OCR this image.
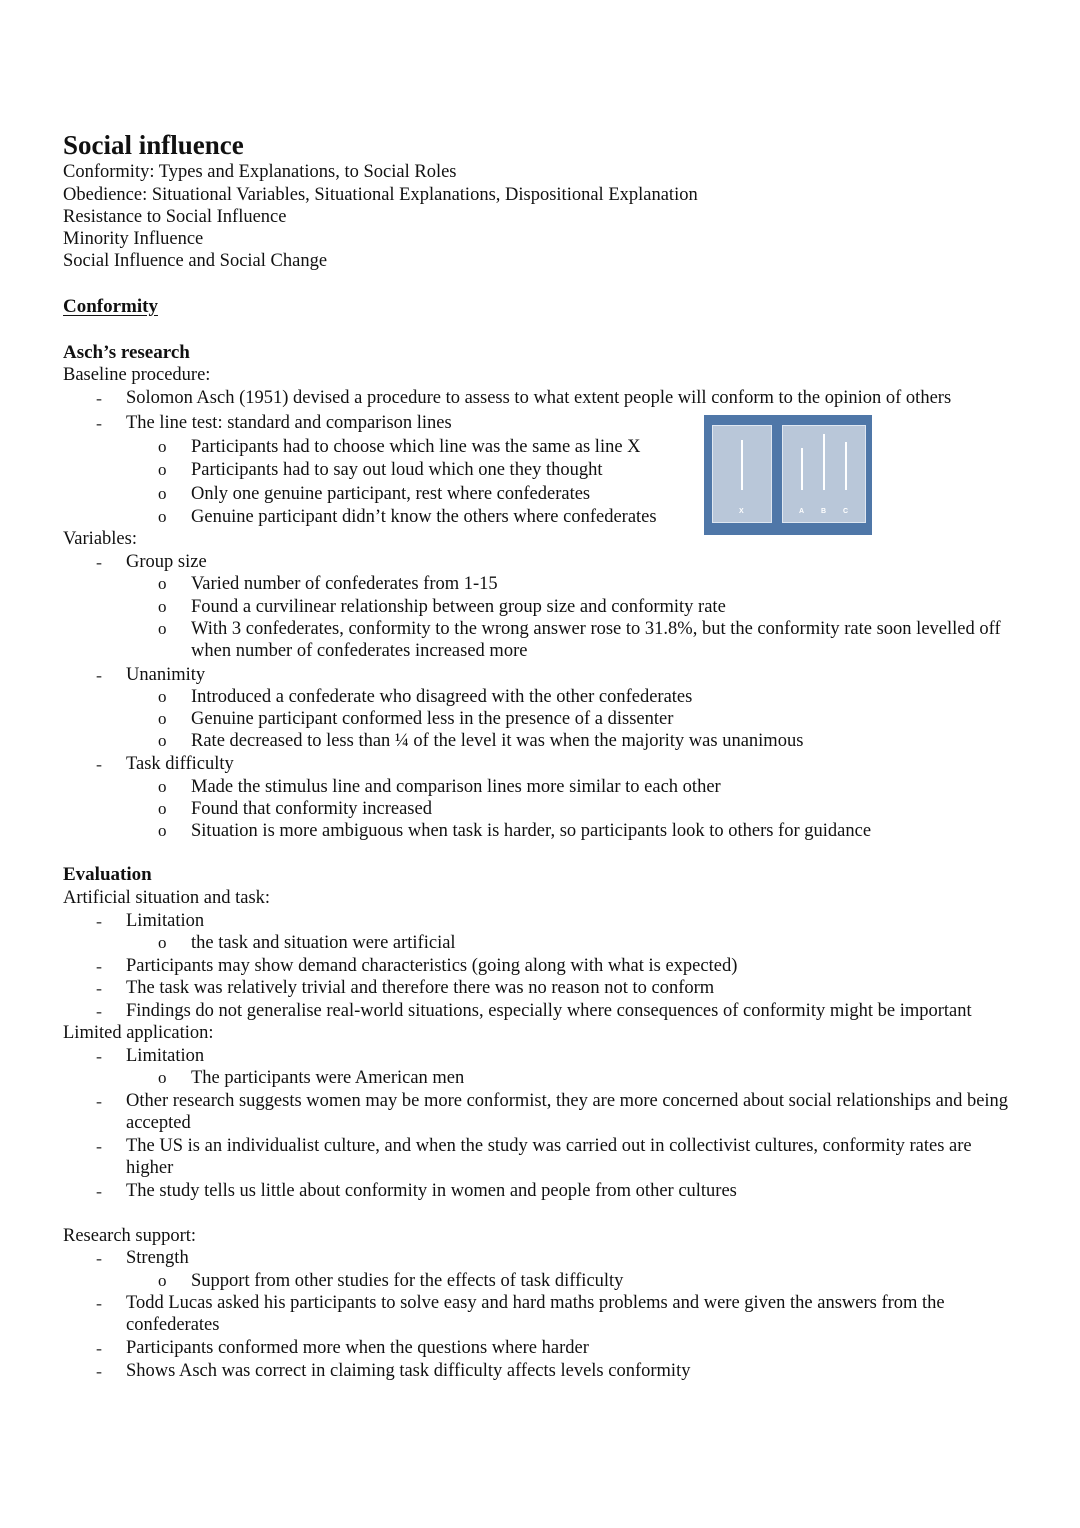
Social influence
Conformity: Types and Explanations, to Social Roles
Obedience: Situational Variables, Situational Explanations, Dispositional Explanation
Resistance to Social Influence
Minority Influence
Social Influence and Social Change
Conformity
Asch’s research
Baseline procedure:
-	Solomon Asch (1951) devised a procedure to assess to what extent people will conform to the opinion of others
-	The line test: standard and comparison lines
o	Participants had to choose which line was the same as line X
o	Participants had to say out loud which one they thought
o	Only one genuine participant, rest where confederates
o	Genuine participant didn’t know the others where confederates	X	A B C
Variables:
-	Group size
o	Varied number of confederates from 1-15
o	Found a curvilinear relationship between group size and conformity rate
o	With 3 confederates, conformity to the wrong answer rose to 31.8%, but the conformity rate soon levelled off when number of confederates increased more
-	Unanimity
o	Introduced a confederate who disagreed with the other confederates
o	Genuine participant conformed less in the presence of a dissenter
o	Rate decreased to less than ¼ of the level it was when the majority was unanimous
-	Task difficulty
o	Made the stimulus line and comparison lines more similar to each other
o	Found that conformity increased
o	Situation is more ambiguous when task is harder, so participants look to others for guidance
Evaluation
Artificial situation and task:
-	Limitation
o	the task and situation were artificial
-	Participants may show demand characteristics (going along with what is expected)
-	The task was relatively trivial and therefore there was no reason not to conform
-	Findings do not generalise real-world situations, especially where consequences of conformity might be important
Limited application:
-	Limitation
o	The participants were American men
-	Other research suggests women may be more conformist, they are more concerned about social relationships and being accepted
-	The US is an individualist culture, and when the study was carried out in collectivist cultures, conformity rates are higher
-	The study tells us little about conformity in women and people from other cultures
Research support:
-	Strength
o	Support from other studies for the effects of task difficulty
-	Todd Lucas asked his participants to solve easy and hard maths problems and were given the answers from the confederates
-	Participants conformed more when the questions where harder
-	Shows Asch was correct in claiming task difficulty affects levels conformity
